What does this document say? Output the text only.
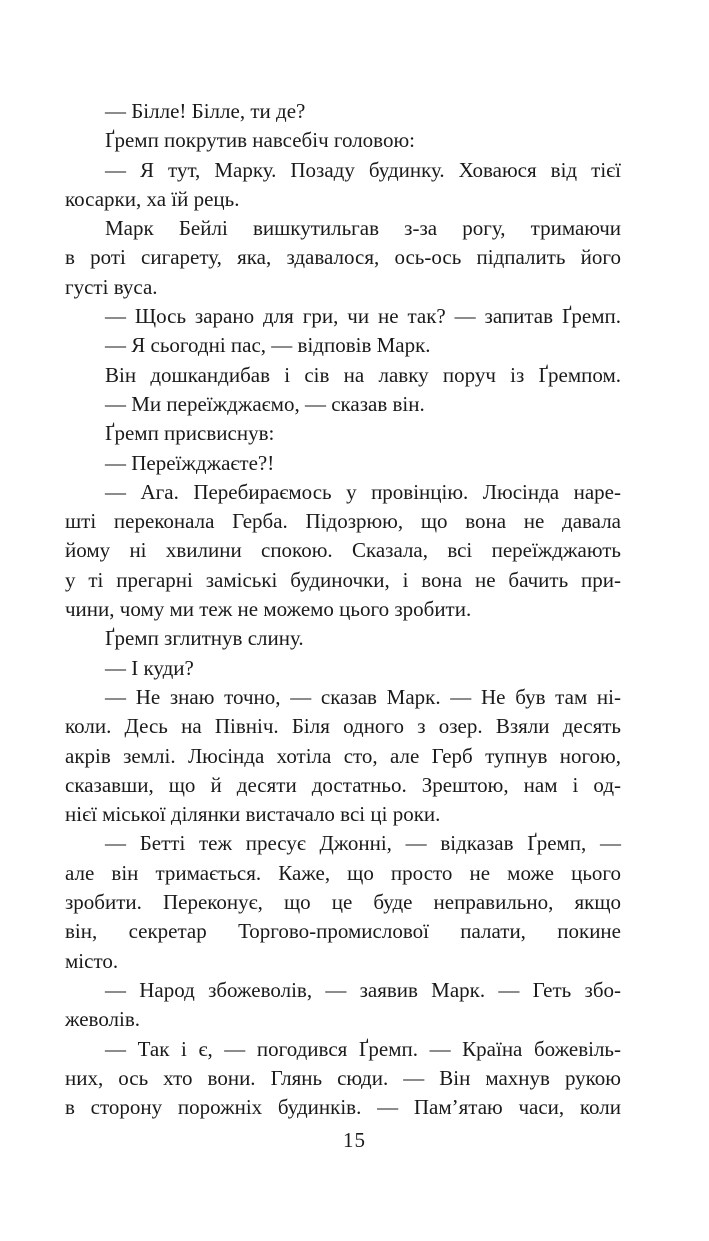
— Білле! Білле, ти де?
Ґремп покрутив навсебіч головою:
— Я тут, Марку. Позаду будинку. Ховаюся від тієї
косарки, ха їй рець.
Марк Бейлі вишкутильгав з-за рогу, тримаючи
в роті сигарету, яка, здавалося, ось-ось підпалить його
густі вуса.
— Щось зарано для гри, чи не так? — запитав Ґремп.
— Я сьогодні пас, — відповів Марк.
Він дошкандибав і сів на лавку поруч із Ґремпом.
— Ми переїжджаємо, — сказав він.
Ґремп присвиснув:
— Переїжджаєте?!
— Ага. Перебираємось у провінцію. Люсінда наре-
шті переконала Герба. Підозрюю, що вона не давала
йому ні хвилини спокою. Сказала, всі переїжджають
у ті прегарні заміські будиночки, і вона не бачить при-
чини, чому ми теж не можемо цього зробити.
Ґремп зглитнув слину.
— І куди?
— Не знаю точно, — сказав Марк. — Не був там ні-
коли. Десь на Північ. Біля одного з озер. Взяли десять
акрів землі. Люсінда хотіла сто, але Герб тупнув ногою,
сказавши, що й десяти достатньо. Зрештою, нам і од-
нієї міської ділянки вистачало всі ці роки.
— Бетті теж пресує Джонні, — відказав Ґремп, —
але він тримається. Каже, що просто не може цього
зробити. Переконує, що це буде неправильно, якщо
він, секретар Торгово-промислової палати, покине
місто.
— Народ збожеволів, — заявив Марк. — Геть збо-
жеволів.
— Так і є, — погодився Ґремп. — Країна божевіль-
них, ось хто вони. Глянь сюди. — Він махнув рукою
в сторону порожніх будинків. — Пам’ятаю часи, коли
15
